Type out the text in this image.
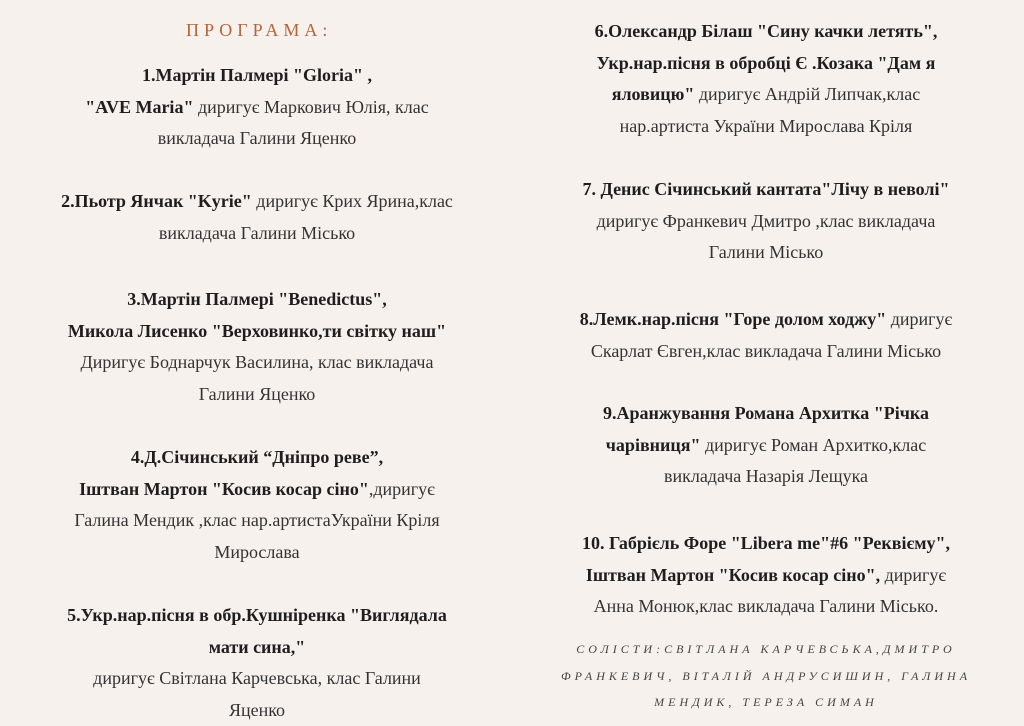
ПРОГРАМА:
1.Мартін Палмері "Gloria" ,
"AVE Maria" диригує Маркович Юлія, клас
викладача Галини Яценко
2.Пьотр Янчак "Kyrie" диригує Крих Ярина,клас
викладача Галини Місько
3.Мартін Палмері "Benedictus",
Микола Лисенко "Верховинко,ти світку наш"
Диригує Боднарчук Василина, клас викладача
Галини Яценко
4.Д.Січинський “Дніпро реве”,
Іштван Мартон "Косив косар сіно",диригує
Галина Мендик ,клас нар.артистаУкраїни Кріля
Мирослава
5.Укр.нар.пісня в обр.Кушніренка "Виглядала
мати сина,"
диригує Світлана Карчевська, клас Галини
Яценко
6.Олександр Білаш "Сину качки летять",
Укр.нар.пісня в обробці Є .Козака "Дам я
яловицю" диригує Андрій Липчак,клас
нар.артиста України Мирослава Кріля
7. Денис Січинський кантата"Лічу в неволі"
диригує Франкевич Дмитро ,клас викладача
Галини Місько
8.Лемк.нар.пісня "Горе долом ходжу" диригує
Скарлат Євген,клас викладача Галини Місько
9.Аранжування Романа Архитка "Річка
чарівниця" диригує Роман Архитко,клас
викладача Назарія Лещука
10. Габрієль Форе "Libera me"#6 "Реквієму",
Іштван Мартон "Косив косар сіно", диригує
Анна Монюк,клас викладача Галини Місько.
СОЛІСТИ:СВІТЛАНА КАРЧЕВСЬКА,ДМИТРО
ФРАНКЕВИЧ, ВІТАЛІЙ АНДРУСИШИН, ГАЛИНА
МЕНДИК, ТЕРЕЗА СИМАН
